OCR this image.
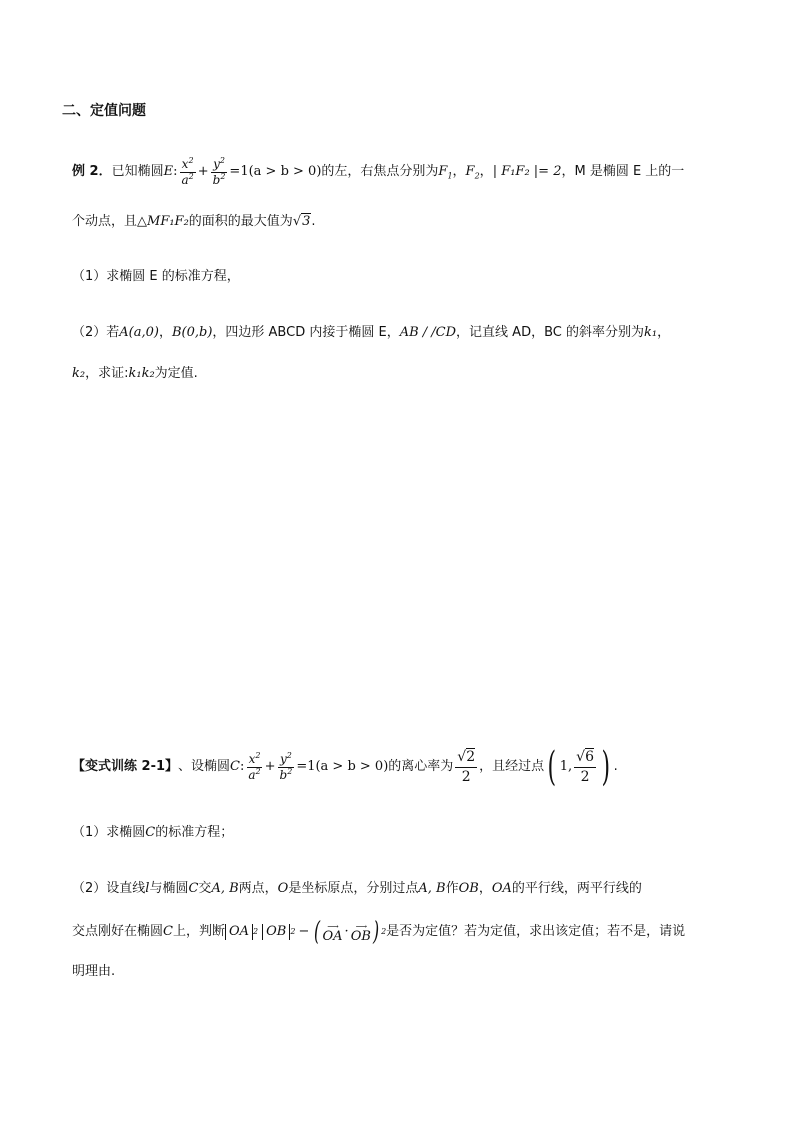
二、定值问题
例 2． 已知椭圆 E : $\frac{x^2}{a^2} + \frac{y^2}{b^2} =1(a > b > 0)$ 的左，右焦点分别为 $F_1$ ， $F_2$ ， | F₁F₂ |= 2 ，M 是椭圆 E 上的一
个动点，且 △MF₁F₂ 的面积的最大值为 √3 .
（1）求椭圆 E 的标准方程，
（2）若 A(a,0) ， B(0,b) ，四边形 ABCD 内接于椭圆 E， AB / /CD ，记直线 AD，BC 的斜率分别为 k₁ ，
k₂ ，求证: k₁k₂ 为定值.
【变式训练 2-1】 、设椭圆 C : $\frac{x^2}{a^2} + \frac{y^2}{b^2} =1(a > b > 0)$ 的离心率为 $\frac{√2}{2}$ ，且经过点 ( 1, $\frac{√6}{2}$ ) .
（1）求椭圆 C 的标准方程；
（2）设直线 l 与椭圆 C 交 A, B 两点， O 是坐标原点，分别过点 A, B 作 OB ， OA 的平行线，两平行线的
交点刚好在椭圆 C 上，判断 OA 2 OB 2 − ( ⟶
OA · ⟶
OB ) 2 是否为定值？若为定值，求出该定值；若不是，请说
明理由.
